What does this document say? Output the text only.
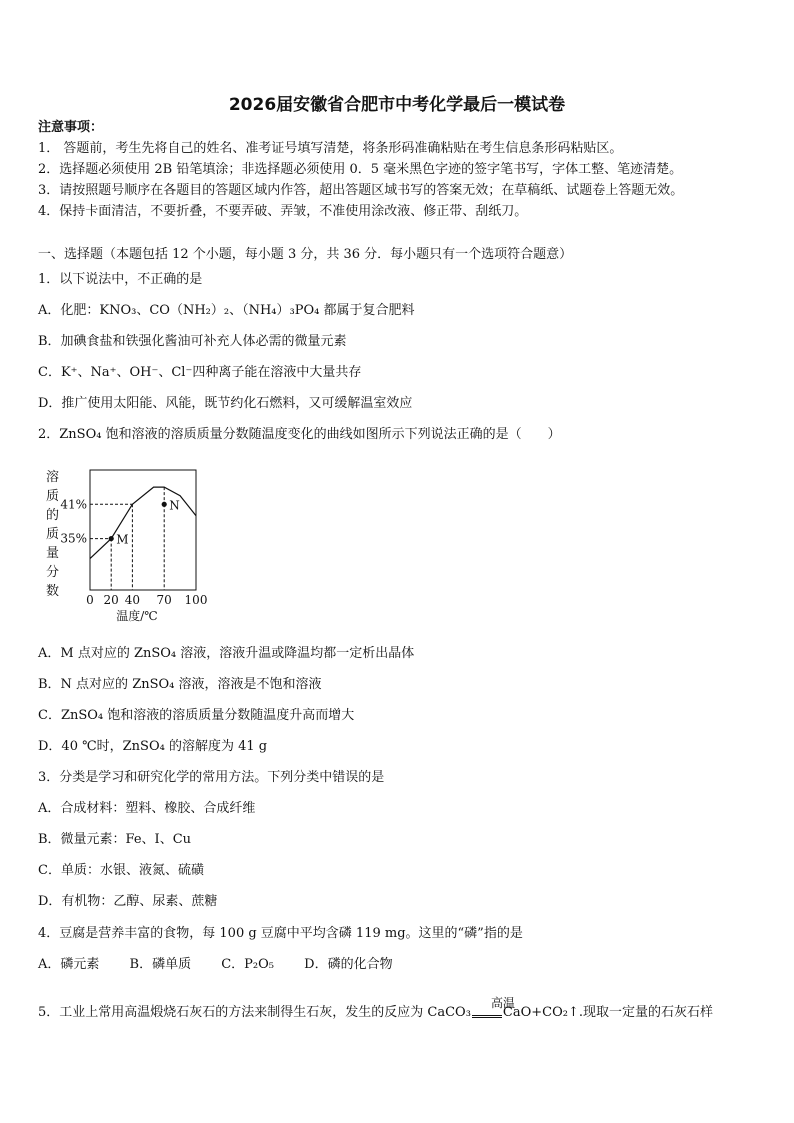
2026届安徽省合肥市中考化学最后一模试卷
注意事项：
1． 答题前，考生先将自己的姓名、准考证号填写清楚，将条形码准确粘贴在考生信息条形码粘贴区。
2．选择题必须使用 2B 铅笔填涂；非选择题必须使用 0．5 毫米黑色字迹的签字笔书写，字体工整、笔迹清楚。
3．请按照题号顺序在各题目的答题区域内作答，超出答题区域书写的答案无效；在草稿纸、试题卷上答题无效。
4．保持卡面清洁，不要折叠，不要弄破、弄皱，不准使用涂改液、修正带、刮纸刀。
一、选择题（本题包括 12 个小题，每小题 3 分，共 36 分．每小题只有一个选项符合题意）
1．以下说法中，不正确的是
A．化肥：KNO₃、CO（NH₂）₂、（NH₄）₃PO₄ 都属于复合肥料
B．加碘食盐和铁强化酱油可补充人体必需的微量元素
C．K⁺、Na⁺、OH⁻、Cl⁻四种离子能在溶液中大量共存
D．推广使用太阳能、风能，既节约化石燃料，又可缓解温室效应
2．ZnSO₄ 饱和溶液的溶质质量分数随温度变化的曲线如图所示下列说法正确的是（　　）
溶
质
的
质
量
分
数
35%
41%
M
N
0 20 40 70 100
温度/℃
A．M 点对应的 ZnSO₄ 溶液，溶液升温或降温均都一定析出晶体
B．N 点对应的 ZnSO₄ 溶液，溶液是不饱和溶液
C．ZnSO₄ 饱和溶液的溶质质量分数随温度升高而增大
D．40 ℃时，ZnSO₄ 的溶解度为 41 g
3．分类是学习和研究化学的常用方法。下列分类中错误的是
A．合成材料：塑料、橡胶、合成纤维
B．微量元素：Fe、I、Cu
C．单质：水银、液氮、硫磺
D．有机物：乙醇、尿素、蔗糖
4．豆腐是营养丰富的食物，每 100 g 豆腐中平均含磷 119 mg。这里的“磷”指的是
A．磷元素 B．磷单质 C．P₂O₅ D．磷的化合物
5．工业上常用高温煅烧石灰石的方法来制得生石灰，发生的反应为 CaCO₃ CaO+CO₂↑.现取一定量的石灰石样
高温
